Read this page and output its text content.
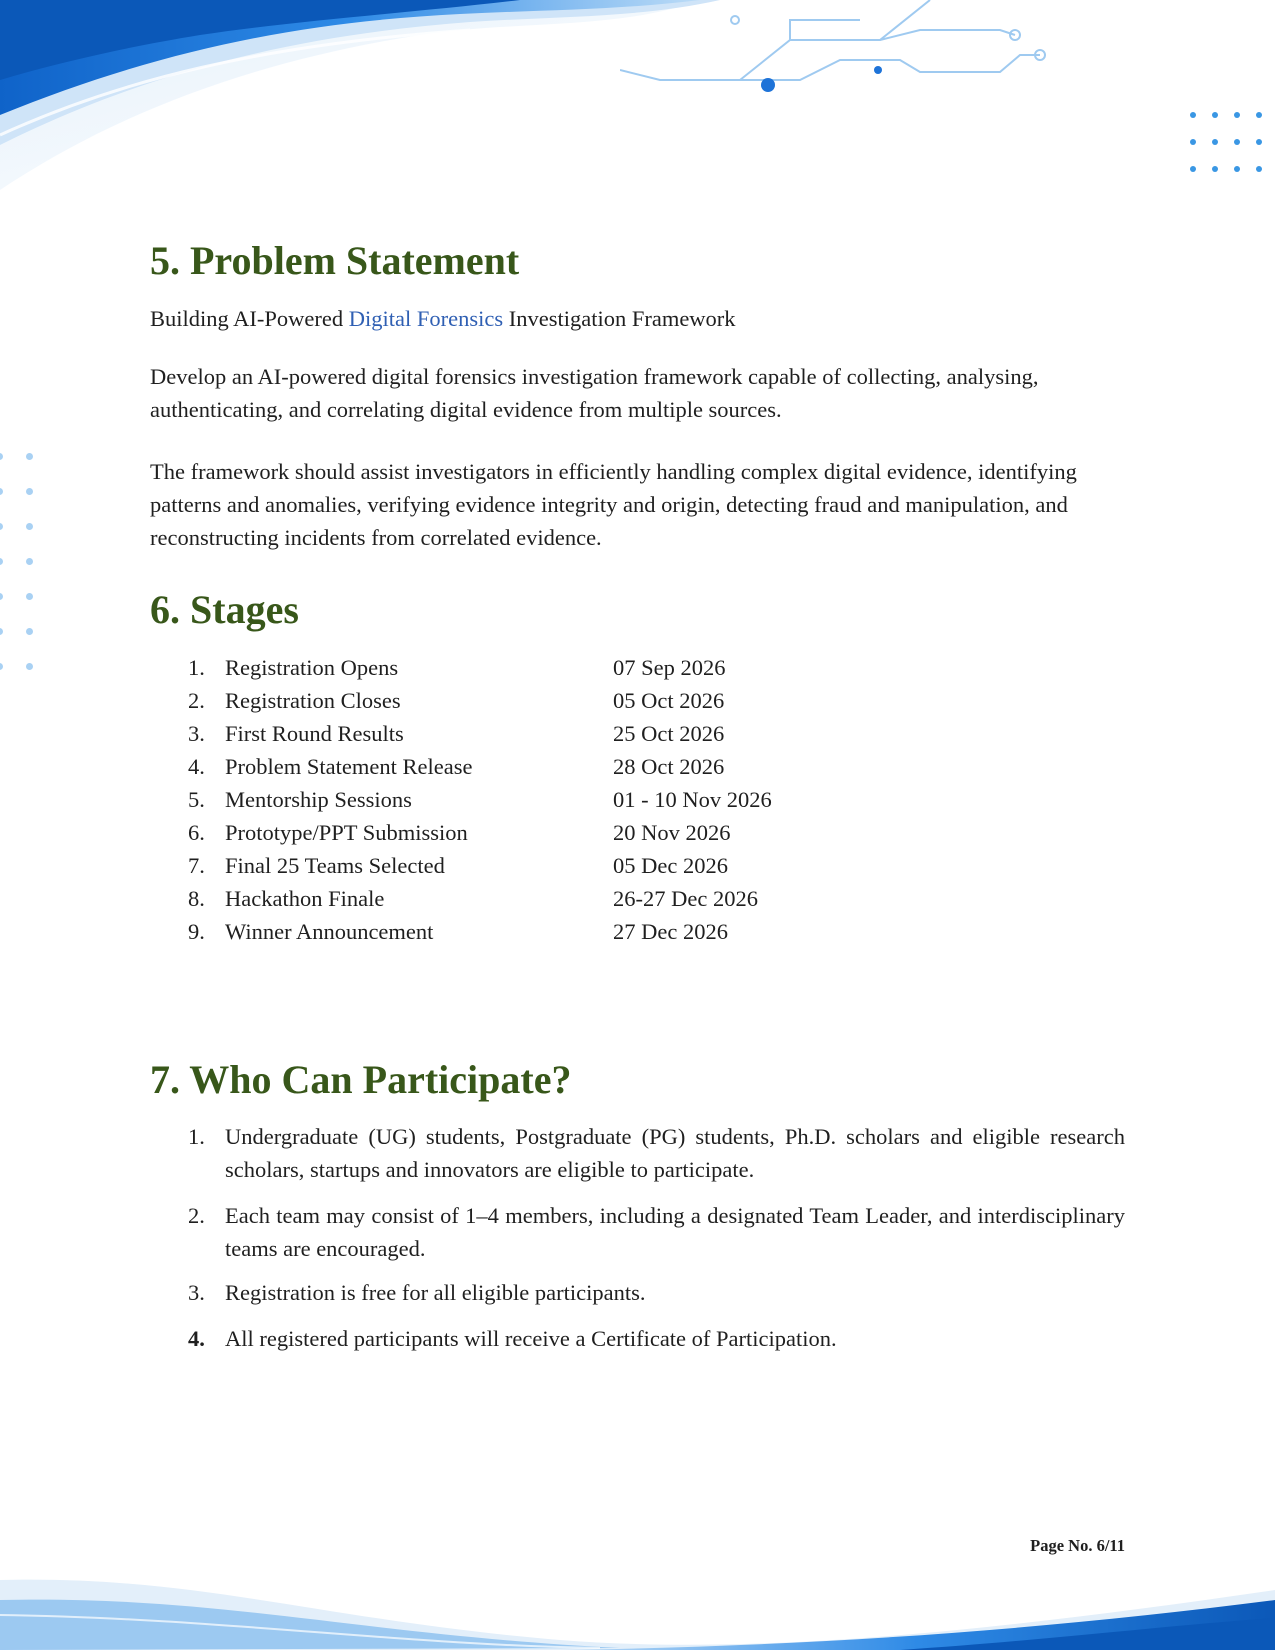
5. Problem Statement

Building AI-Powered Digital Forensics Investigation Framework

Develop an AI-powered digital forensics investigation framework capable of collecting, analysing, authenticating, and correlating digital evidence from multiple sources.

The framework should assist investigators in efficiently handling complex digital evidence, identifying patterns and anomalies, verifying evidence integrity and origin, detecting fraud and manipulation, and reconstructing incidents from correlated evidence.

6. Stages
1. Registration Opens	07 Sep 2026
2. Registration Closes	05 Oct 2026
3. First Round Results	25 Oct 2026
4. Problem Statement Release	28 Oct 2026
5. Mentorship Sessions	01 - 10 Nov 2026
6. Prototype/PPT Submission	20 Nov 2026
7. Final 25 Teams Selected	05 Dec 2026
8. Hackathon Finale	26-27 Dec 2026
9. Winner Announcement	27 Dec 2026
7. Who Can Participate?
1. Undergraduate (UG) students, Postgraduate (PG) students, Ph.D. scholars and eligible research scholars, startups and innovators are eligible to participate.
2. Each team may consist of 1–4 members, including a designated Team Leader, and interdisciplinary teams are encouraged.
3. Registration is free for all eligible participants.
4. All registered participants will receive a Certificate of Participation.
Page No. 6/11
